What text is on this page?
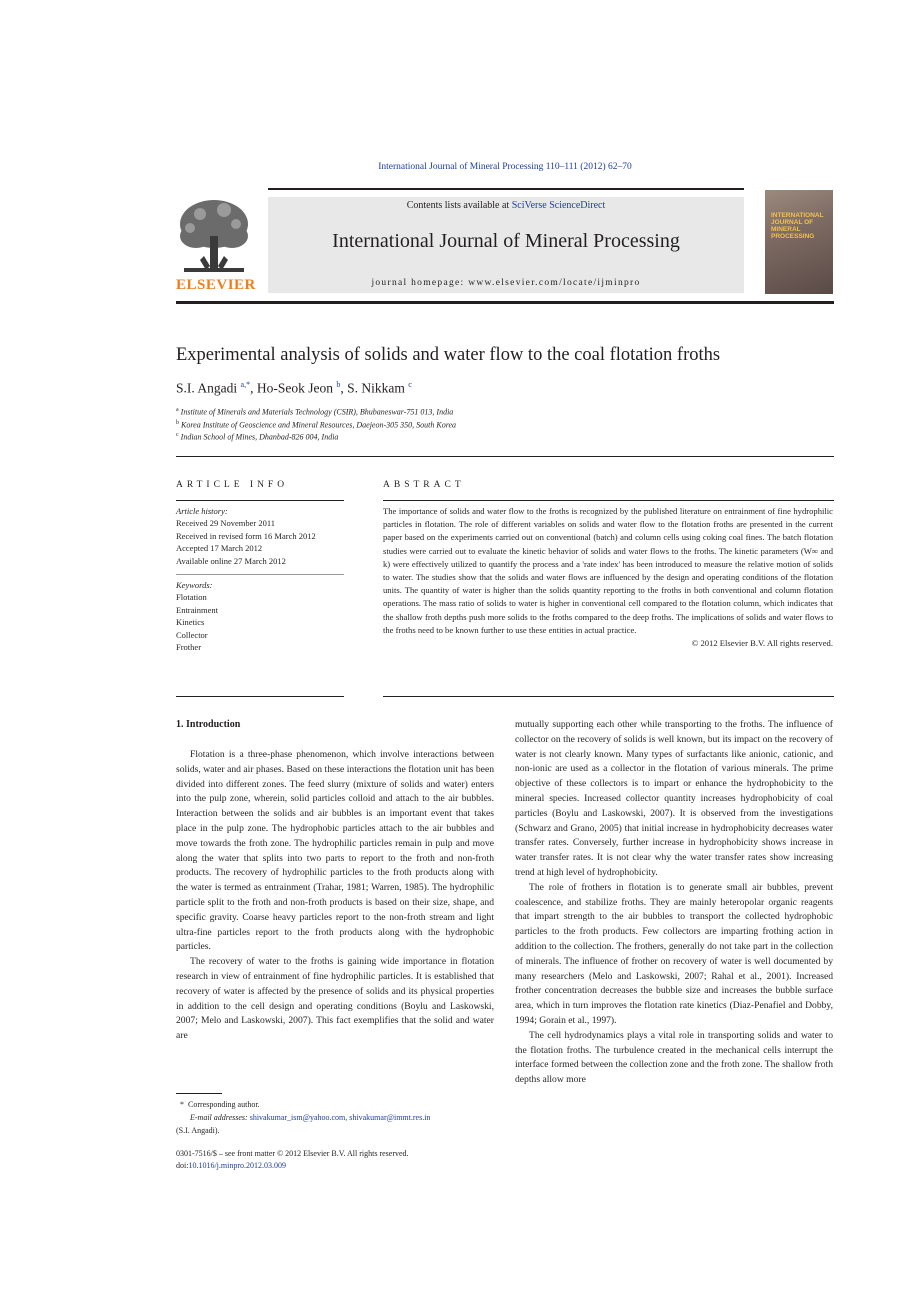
International Journal of Mineral Processing 110–111 (2012) 62–70
ELSEVIER
Contents lists available at SciVerse ScienceDirect
International Journal of Mineral Processing
journal homepage: www.elsevier.com/locate/ijminpro
INTERNATIONAL JOURNAL OF
MINERAL
PROCESSING
Experimental analysis of solids and water flow to the coal flotation froths
S.I. Angadi $^{a,*}$, Ho-Seok Jeon $^b$, S. Nikkam $^c$
$^a$ Institute of Minerals and Materials Technology (CSIR), Bhubaneswar-751 013, India
$^b$ Korea Institute of Geoscience and Mineral Resources, Daejeon-305 350, South Korea
$^c$ Indian School of Mines, Dhanbad-826 004, India
ARTICLE INFO	ABSTRACT
Article history:
Received 29 November 2011
Received in revised form 16 March 2012
Accepted 17 March 2012
Available online 27 March 2012
Keywords:
Flotation
Entrainment
Kinetics
Collector
Frother
The importance of solids and water flow to the froths is recognized by the published literature on entrainment of fine hydrophilic particles in flotation. The role of different variables on solids and water flow to the flotation froths are presented in the current paper based on the experiments carried out on conventional (batch) and column cells using coking coal fines. The batch flotation studies were carried out to evaluate the kinetic behavior of solids and water flows to the froths. The kinetic parameters (W∞ and k) were effectively utilized to quantify the process and a 'rate index' has been introduced to measure the relative motion of solids to water. The studies show that the solids and water flows are influenced by the design and operating conditions of the flotation units. The quantity of water is higher than the solids quantity reporting to the froths in both conventional and column flotation operations. The mass ratio of solids to water is higher in conventional cell compared to the flotation column, which indicates that the shallow froth depths push more solids to the froths compared to the deep froths. The implications of solids and water flows to the froths need to be known further to use these entities in actual practice.
© 2012 Elsevier B.V. All rights reserved.
1. Introduction

Flotation is a three-phase phenomenon, which involve interactions between solids, water and air phases. Based on these interactions the flotation unit has been divided into different zones. The feed slurry (mixture of solids and water) enters into the pulp zone, wherein, solid particles colloid and attach to the air bubbles. Interaction between the solids and air bubbles is an important event that takes place in the pulp zone. The hydrophobic particles attach to the air bubbles and move towards the froth zone. The hydrophilic particles remain in pulp and move along the water that splits into two parts to report to the froth and non-froth products. The recovery of hydrophilic particles to the froth products along with the water is termed as entrainment (Trahar, 1981; Warren, 1985). The hydrophilic particle split to the froth and non-froth products is based on their size, shape, and specific gravity. Coarse heavy particles report to the non-froth stream and light ultra-fine particles report to the froth products along with the hydrophobic particles.

The recovery of water to the froths is gaining wide importance in flotation research in view of entrainment of fine hydrophilic particles. It is established that recovery of water is affected by the presence of solids and its physical properties in addition to the cell design and operating conditions (Boylu and Laskowski, 2007; Melo and Laskowski, 2007). This fact exemplifies that the solid and water are

mutually supporting each other while transporting to the froths. The influence of collector on the recovery of solids is well known, but its impact on the recovery of water is not clearly known. Many types of surfactants like anionic, cationic, and non-ionic are used as a collector in the flotation of various minerals. The prime objective of these collectors is to impart or enhance the hydrophobicity to the mineral species. Increased collector quantity increases hydrophobicity of coal particles (Boylu and Laskowski, 2007). It is observed from the investigations (Schwarz and Grano, 2005) that initial increase in hydrophobicity decreases water transfer rates. Conversely, further increase in hydrophobicity shows increase in water transfer rates. It is not clear why the water transfer rates show increasing trend at high level of hydrophobicity.

The role of frothers in flotation is to generate small air bubbles, prevent coalescence, and stabilize froths. They are mainly heteropolar organic reagents that impart strength to the air bubbles to transport the collected hydrophobic particles to the froth products. Few collectors are imparting frothing action in addition to the collection. The frothers, generally do not take part in the collection of minerals. The influence of frother on recovery of water is well documented by many researchers (Melo and Laskowski, 2007; Rahal et al., 2001). Increased frother concentration decreases the bubble size and increases the bubble surface area, which in turn improves the flotation rate kinetics (Diaz-Penafiel and Dobby, 1994; Gorain et al., 1997).

The cell hydrodynamics plays a vital role in transporting solids and water to the flotation froths. The turbulence created in the mechanical cells interrupt the interface formed between the collection zone and the froth zone. The shallow froth depths allow more

* Corresponding author.
E-mail addresses: shivakumar_ism@yahoo.com, shivakumar@immt.res.in
(S.I. Angadi).
0301-7516/$ – see front matter © 2012 Elsevier B.V. All rights reserved.
doi:10.1016/j.minpro.2012.03.009
